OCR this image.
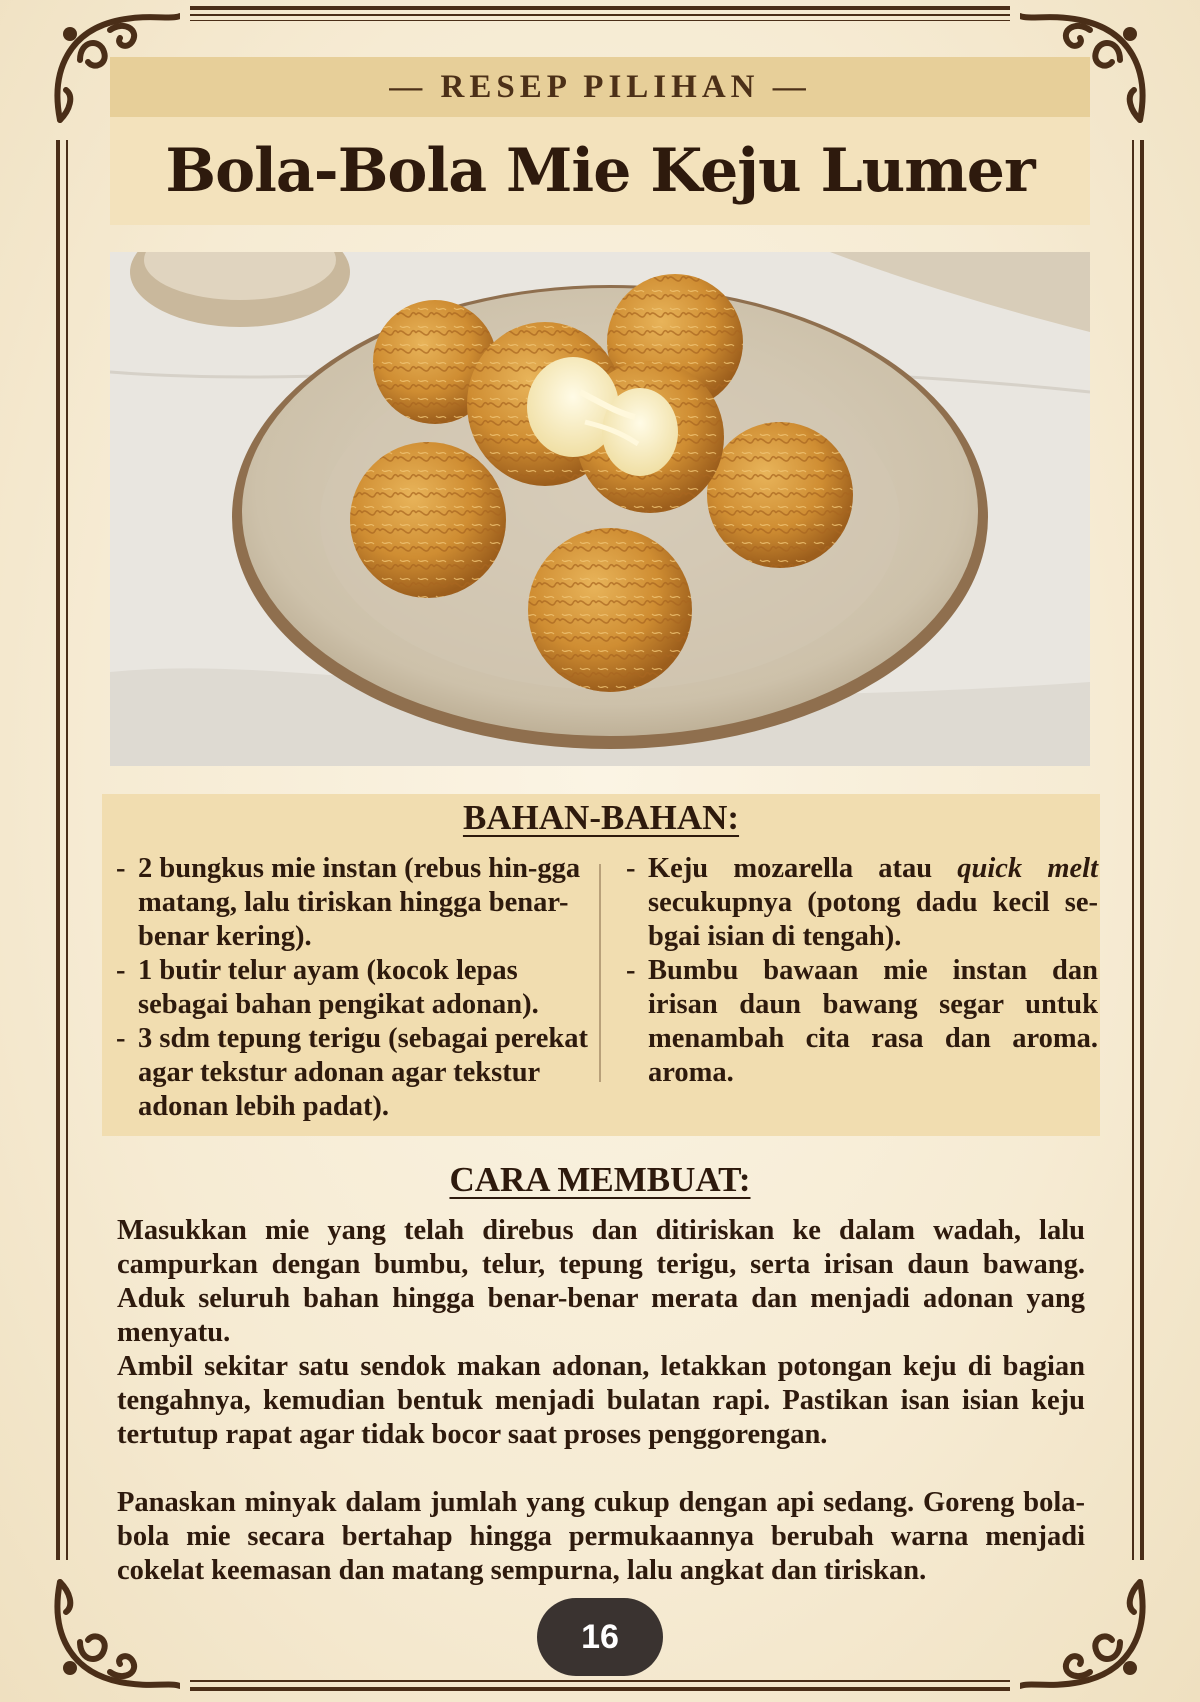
— RESEP PILIHAN —
Bola-Bola Mie Keju Lumer
BAHAN-BAHAN:
- 2 bungkus mie instan (rebus hin-gga matang, lalu tiriskan hingga benar-benar kering).
- 1 butir telur ayam (kocok lepas sebagai bahan pengikat adonan).
- 3 sdm tepung terigu (sebagai perekat agar tekstur adonan agar tekstur adonan lebih padat).
- Keju mozarella atau quick melt secukupnya (potong dadu kecil se-bgai isian di tengah).
- Bumbu bawaan mie instan dan irisan daun bawang segar untuk menambah cita rasa dan aroma. aroma.
CARA MEMBUAT:

Masukkan mie yang telah direbus dan ditiriskan ke dalam wadah, lalu campurkan dengan bumbu, telur, tepung terigu, serta irisan daun bawang. Aduk seluruh bahan hingga benar-benar merata dan menjadi adonan yang menyatu.

Ambil sekitar satu sendok makan adonan, letakkan potongan keju di bagian tengahnya, kemudian bentuk menjadi bulatan rapi. Pastikan isan isian keju tertutup rapat agar tidak bocor saat proses penggorengan.

Panaskan minyak dalam jumlah yang cukup dengan api sedang. Goreng bola-bola mie secara bertahap hingga permukaannya berubah warna menjadi cokelat keemasan dan matang sempurna, lalu angkat dan tiriskan.

16
